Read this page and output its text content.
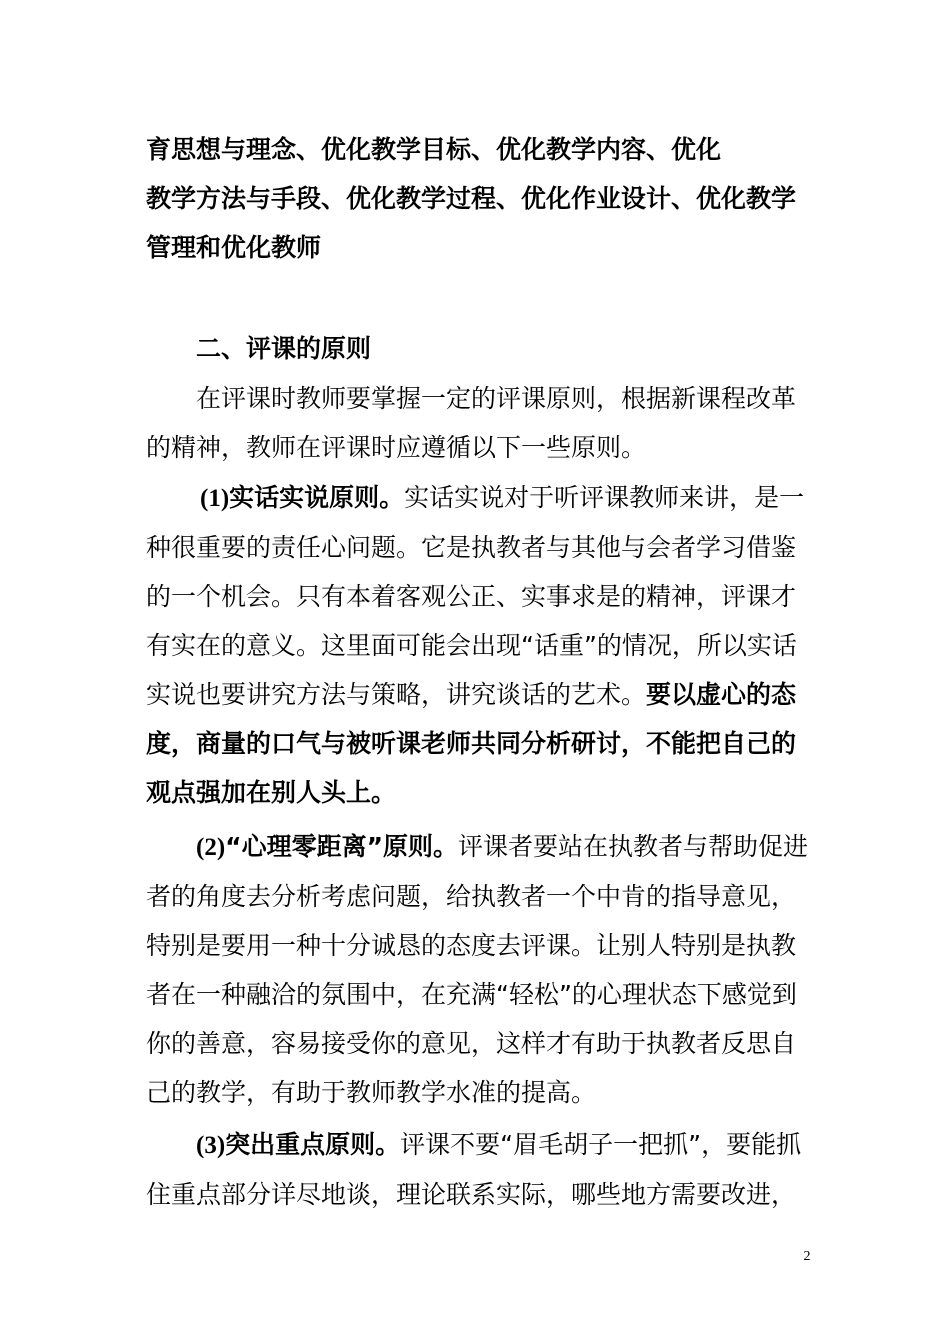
育思想与理念、优化教学目标、优化教学内容、优化

教学方法与手段、优化教学过程、优化作业设计、优化教学管理和优化教师

二、评课的原则

在评课时教师要掌握一定的评课原则，根据新课程改革的精神，教师在评课时应遵循以下一些原则。

(1)实话实说原则。实话实说对于听评课教师来讲，是一种很重要的责任心问题。它是执教者与其他与会者学习借鉴的一个机会。只有本着客观公正、实事求是的精神，评课才有实在的意义。这里面可能会出现“话重”的情况，所以实话实说也要讲究方法与策略，讲究谈话的艺术。要以虚心的态度，商量的口气与被听课老师共同分析研讨，不能把自己的观点强加在别人头上。

(2)“心理零距离”原则。评课者要站在执教者与帮助促进者的角度去分析考虑问题，给执教者一个中肯的指导意见，特别是要用一种十分诚恳的态度去评课。让别人特别是执教者在一种融洽的氛围中，在充满“轻松”的心理状态下感觉到你的善意，容易接受你的意见，这样才有助于执教者反思自己的教学，有助于教师教学水准的提高。

(3)突出重点原则。评课不要“眉毛胡子一把抓”，要能抓住重点部分详尽地谈，理论联系实际，哪些地方需要改进，

2
